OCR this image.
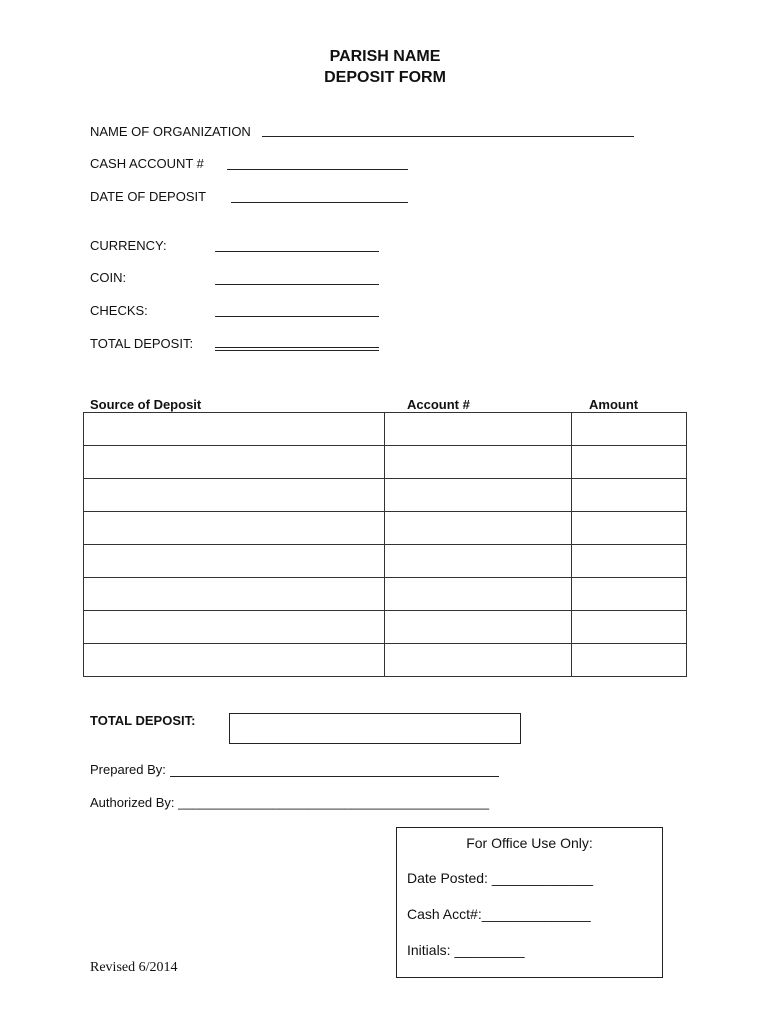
PARISH NAME
DEPOSIT FORM
NAME OF ORGANIZATION
CASH ACCOUNT #
DATE OF DEPOSIT
CURRENCY:
COIN:
CHECKS:
TOTAL DEPOSIT:
Source of Deposit	Account #	Amount

TOTAL DEPOSIT:
Prepared By:
Authorized By: ___________________________________________
For Office Use Only:
Date Posted: _____________
Cash Acct#:______________
Initials: _________
Revised 6/2014
